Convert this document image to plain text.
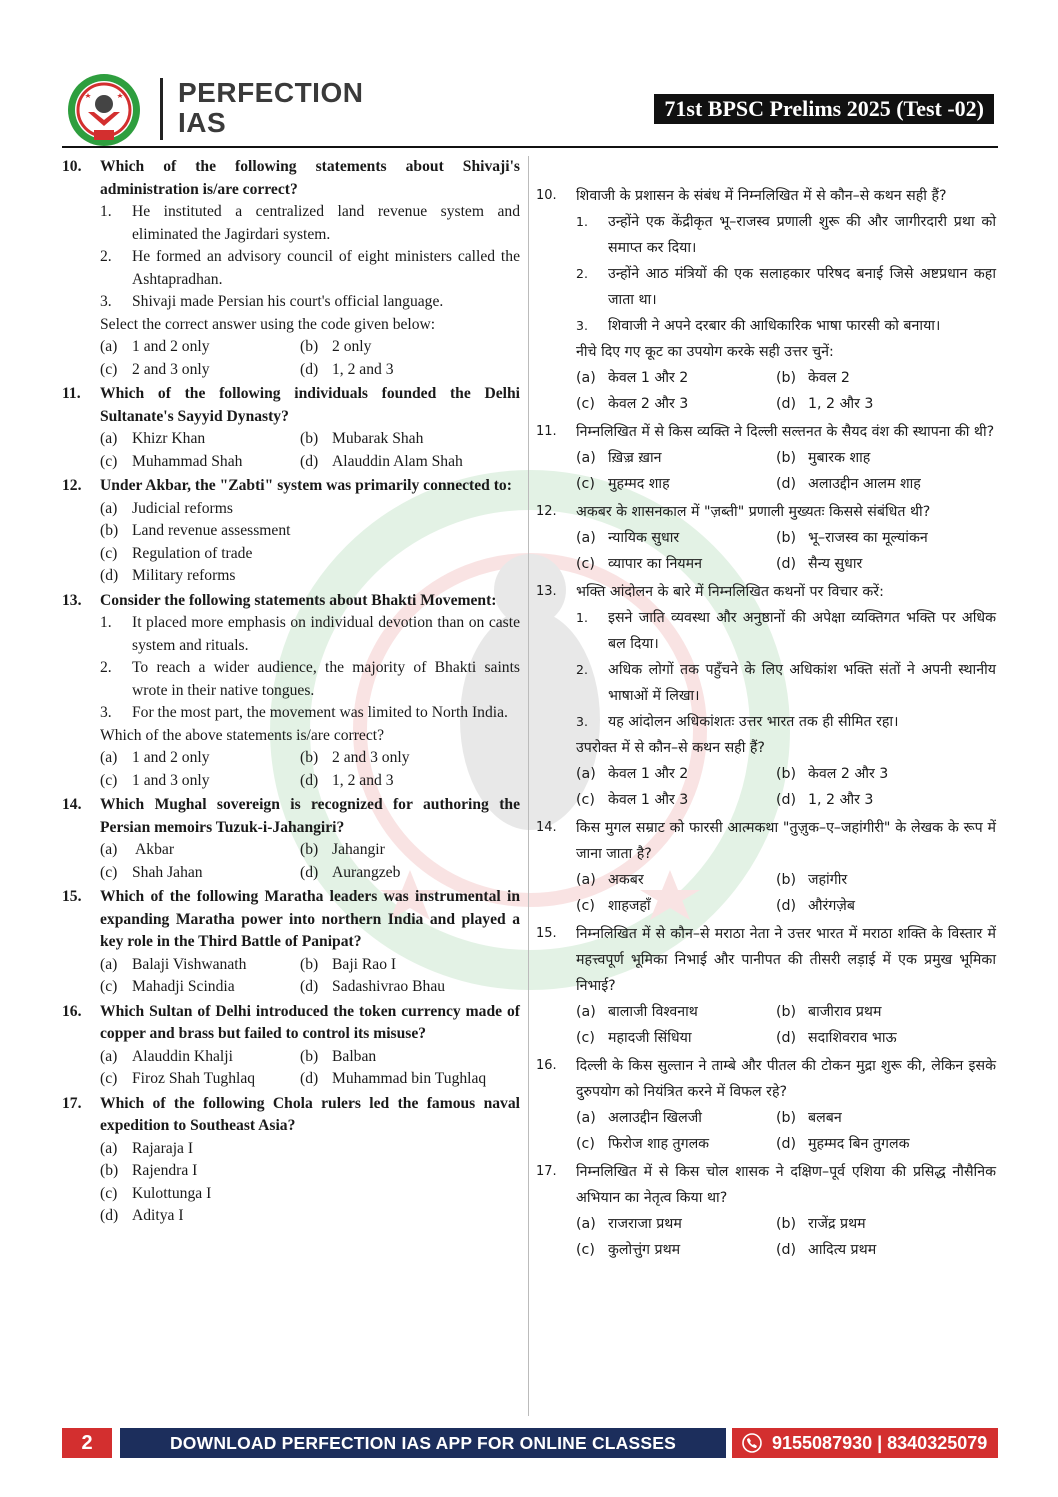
PERFECTION
IAS	71st BPSC Prelims 2025 (Test -02)
10.	Which of the following statements about Shivaji's administration is/are correct?
1.	He instituted a centralized land revenue system and eliminated the Jagirdari system.
2.	He formed an advisory council of eight ministers called the Ashtapradhan.
3.	Shivaji made Persian his court's official language.
Select the correct answer using the code given below:
(a) 1 and 2 only	(b) 2 only
(c) 2 and 3 only	(d) 1, 2 and 3
11.	Which of the following individuals founded the Delhi Sultanate's Sayyid Dynasty?
(a) Khizr Khan	(b) Mubarak Shah
(c) Muhammad Shah	(d) Alauddin Alam Shah
12.	Under Akbar, the "Zabti" system was primarily connected to:
(a) Judicial reforms
(b) Land revenue assessment
(c) Regulation of trade
(d) Military reforms
13.	Consider the following statements about Bhakti Movement:
1.	It placed more emphasis on individual devotion than on caste system and rituals.
2.	To reach a wider audience, the majority of Bhakti saints wrote in their native tongues.
3.	For the most part, the movement was limited to North India.
Which of the above statements is/are correct?
(a) 1 and 2 only	(b) 2 and 3 only
(c) 1 and 3 only	(d) 1, 2 and 3
14.	Which Mughal sovereign is recognized for authoring the Persian memoirs Tuzuk-i-Jahangiri?
(a) Akbar	(b) Jahangir
(c) Shah Jahan	(d) Aurangzeb
15.	Which of the following Maratha leaders was instrumental in expanding Maratha power into northern India and played a key role in the Third Battle of Panipat?
(a) Balaji Vishwanath	(b) Baji Rao I
(c) Mahadji Scindia	(d) Sadashivrao Bhau
16.	Which Sultan of Delhi introduced the token currency made of copper and brass but failed to control its misuse?
(a) Alauddin Khalji	(b) Balban
(c) Firoz Shah Tughlaq	(d) Muhammad bin Tughlaq
17.	Which of the following Chola rulers led the famous naval expedition to Southeast Asia?
(a) Rajaraja I
(b) Rajendra I
(c) Kulottunga I
(d) Aditya I
10.	शिवाजी के प्रशासन के संबंध में निम्नलिखित में से कौन–से कथन सही हैं?
1.	उन्होंने एक केंद्रीकृत भू–राजस्व प्रणाली शुरू की और जागीरदारी प्रथा को समाप्त कर दिया।
2.	उन्होंने आठ मंत्रियों की एक सलाहकार परिषद बनाई जिसे अष्टप्रधान कहा जाता था।
3.	शिवाजी ने अपने दरबार की आधिकारिक भाषा फारसी को बनाया।
नीचे दिए गए कूट का उपयोग करके सही उत्तर चुनें:
(a) केवल 1 और 2	(b) केवल 2
(c) केवल 2 और 3	(d) 1, 2 और 3
11.	निम्नलिखित में से किस व्यक्ति ने दिल्ली सल्तनत के सैयद वंश की स्थापना की थी?
(a) ख़िज़्र ख़ान	(b) मुबारक शाह
(c) मुहम्मद शाह	(d) अलाउद्दीन आलम शाह
12.	अकबर के शासनकाल में "ज़ब्ती" प्रणाली मुख्यतः किससे संबंधित थी?
(a) न्यायिक सुधार	(b) भू–राजस्व का मूल्यांकन
(c) व्यापार का नियमन	(d) सैन्य सुधार
13.	भक्ति आंदोलन के बारे में निम्नलिखित कथनों पर विचार करें:
1.	इसने जाति व्यवस्था और अनुष्ठानों की अपेक्षा व्यक्तिगत भक्ति पर अधिक बल दिया।
2.	अधिक लोगों तक पहुँचने के लिए अधिकांश भक्ति संतों ने अपनी स्थानीय भाषाओं में लिखा।
3.	यह आंदोलन अधिकांशतः उत्तर भारत तक ही सीमित रहा।
उपरोक्त में से कौन–से कथन सही हैं?
(a) केवल 1 और 2	(b) केवल 2 और 3
(c) केवल 1 और 3	(d) 1, 2 और 3
14.	किस मुगल सम्राट को फारसी आत्मकथा "तुज़ुक–ए–जहांगीरी" के लेखक के रूप में जाना जाता है?
(a) अकबर	(b) जहांगीर
(c) शाहजहाँ	(d) औरंगज़ेब
15.	निम्नलिखित में से कौन–से मराठा नेता ने उत्तर भारत में मराठा शक्ति के विस्तार में महत्त्वपूर्ण भूमिका निभाई और पानीपत की तीसरी लड़ाई में एक प्रमुख भूमिका निभाई?
(a) बालाजी विश्वनाथ	(b) बाजीराव प्रथम
(c) महादजी सिंधिया	(d) सदाशिवराव भाऊ
16.	दिल्ली के किस सुल्तान ने ताम्बे और पीतल की टोकन मुद्रा शुरू की, लेकिन इसके दुरुपयोग को नियंत्रित करने में विफल रहे?
(a) अलाउद्दीन खिलजी	(b) बलबन
(c) फिरोज शाह तुगलक	(d) मुहम्मद बिन तुगलक
17.	निम्नलिखित में से किस चोल शासक ने दक्षिण–पूर्व एशिया की प्रसिद्ध नौसैनिक अभियान का नेतृत्व किया था?
(a) राजराजा प्रथम	(b) राजेंद्र प्रथम
(c) कुलोत्तुंग प्रथम	(d) आदित्य प्रथम
2	DOWNLOAD PERFECTION IAS APP FOR ONLINE CLASSES	9155087930 | 8340325079
